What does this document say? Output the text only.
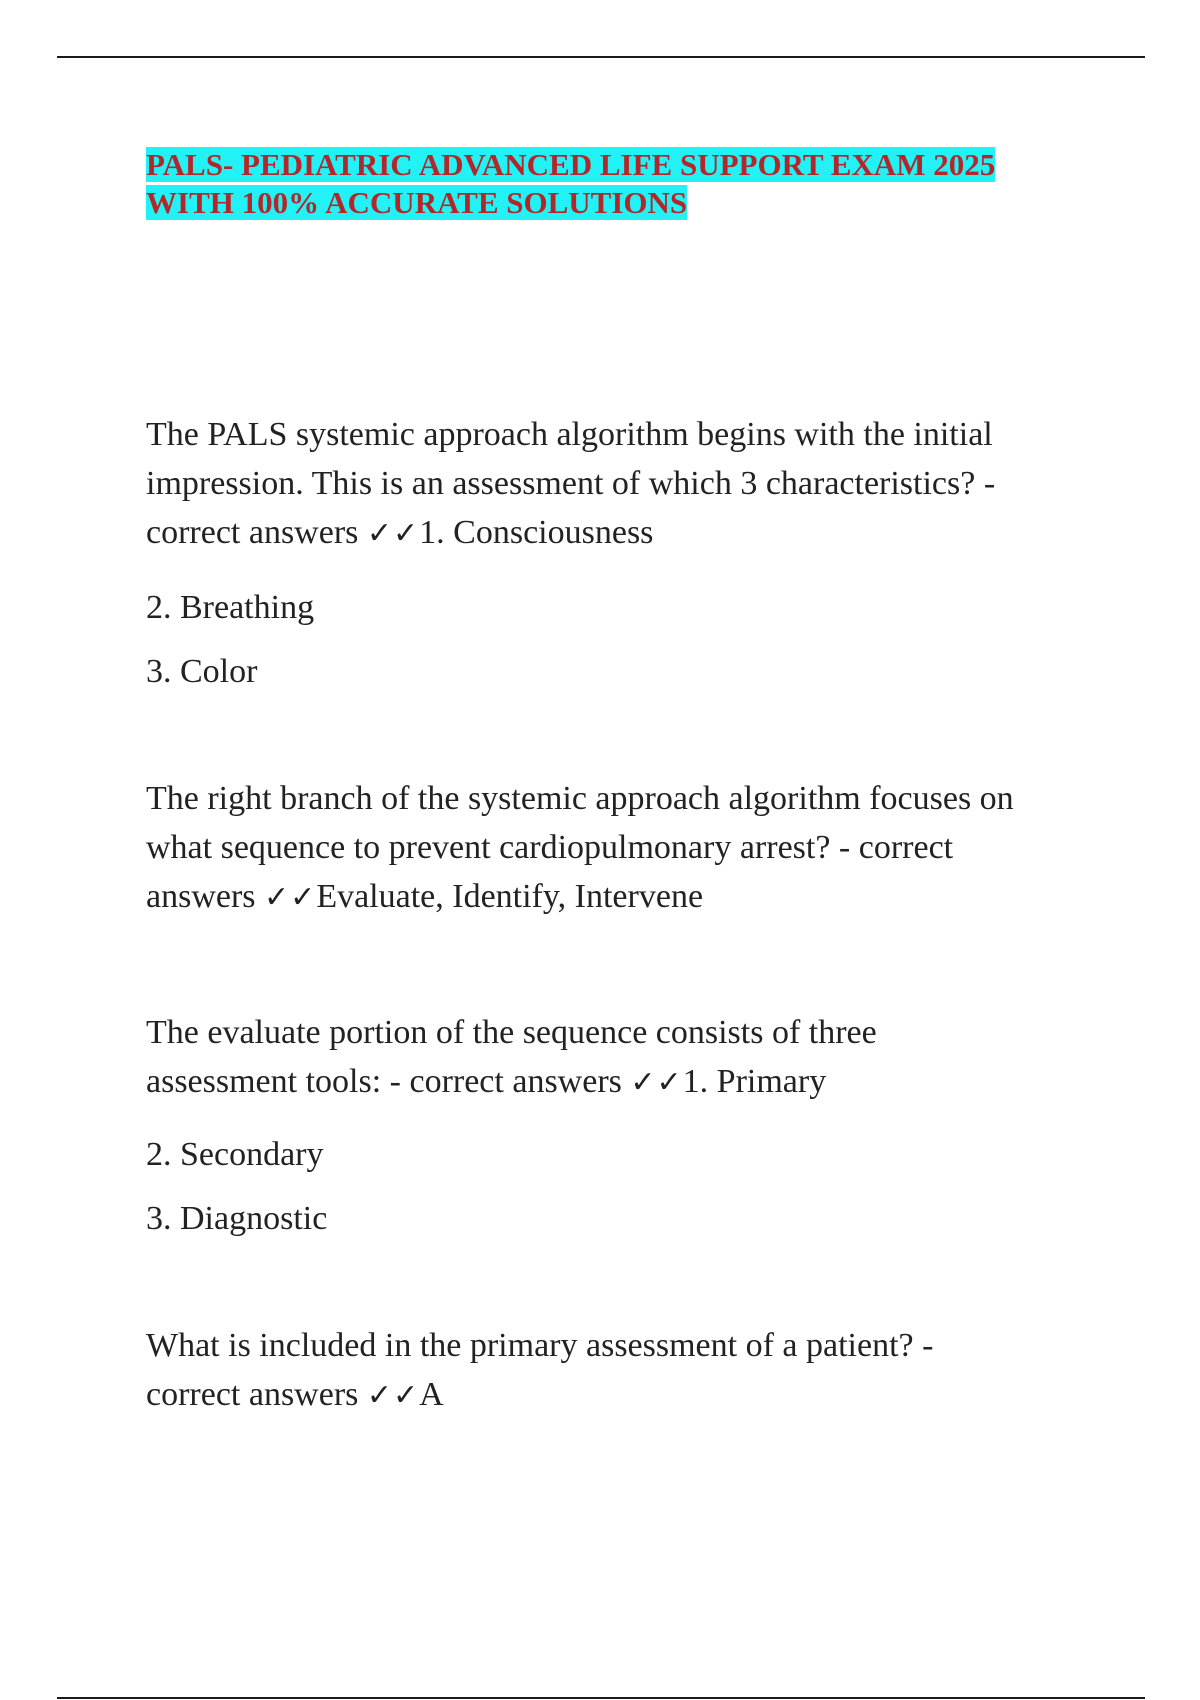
PALS- PEDIATRIC ADVANCED LIFE SUPPORT EXAM 2025
WITH 100% ACCURATE SOLUTIONS
The PALS systemic approach algorithm begins with the initial
impression. This is an assessment of which 3 characteristics? -
correct answers ✓✓1. Consciousness
2. Breathing
3. Color
The right branch of the systemic approach algorithm focuses on
what sequence to prevent cardiopulmonary arrest? - correct
answers ✓✓Evaluate, Identify, Intervene
The evaluate portion of the sequence consists of three
assessment tools: - correct answers ✓✓1. Primary
2. Secondary
3. Diagnostic
What is included in the primary assessment of a patient? -
correct answers ✓✓A
